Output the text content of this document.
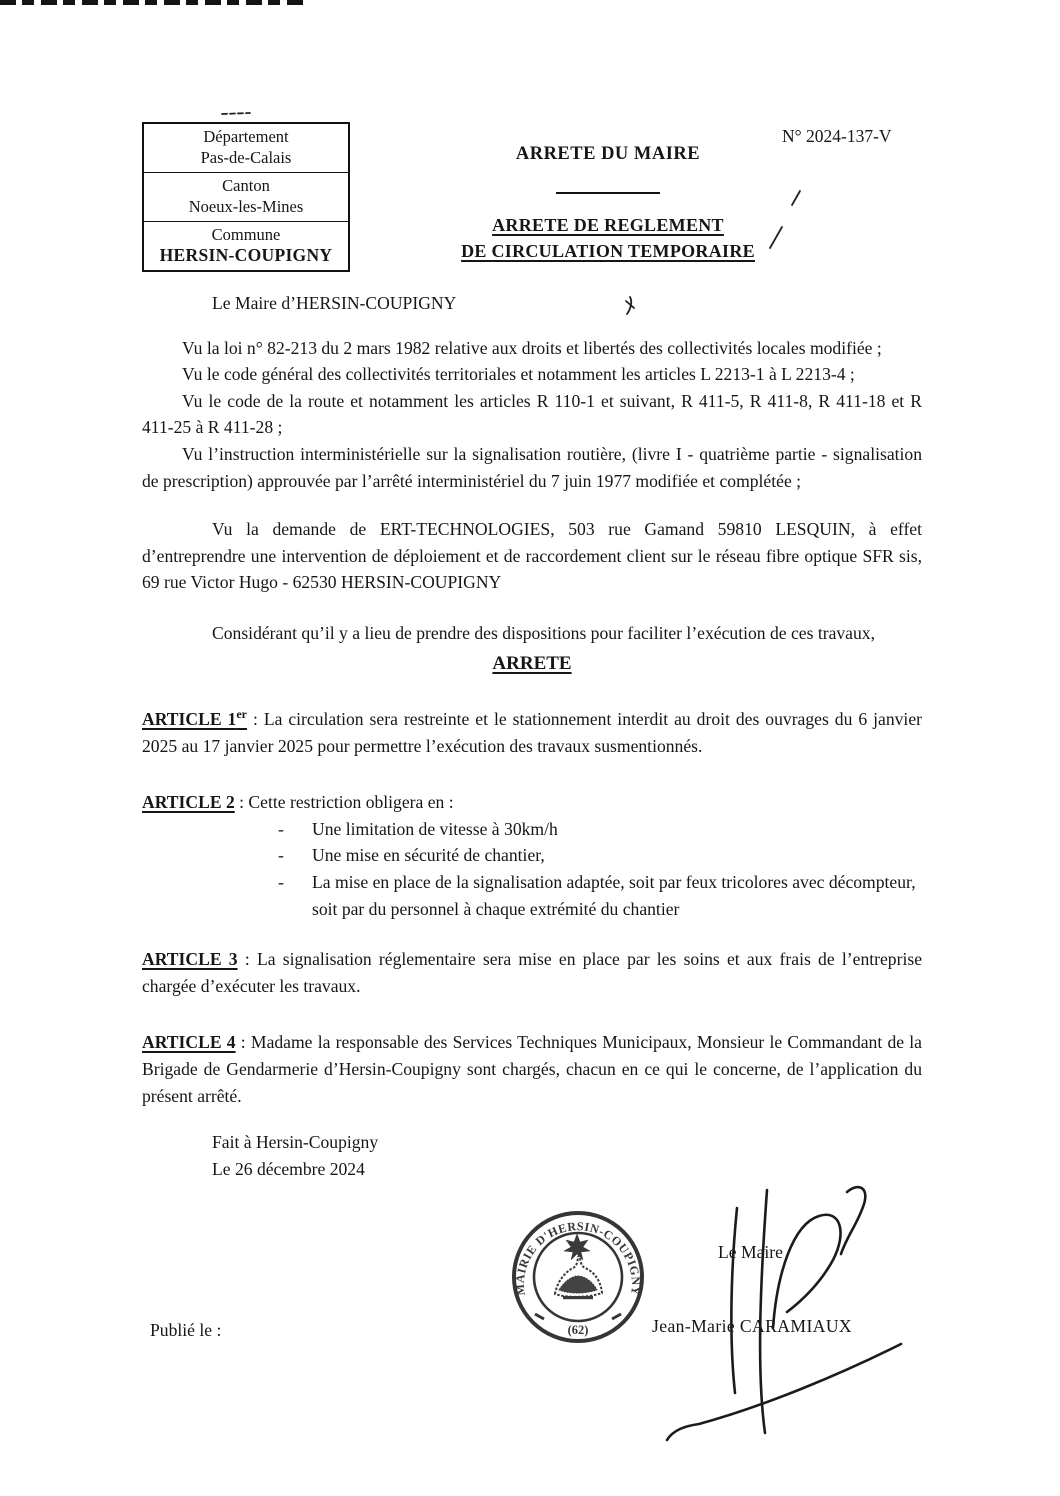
Département
Pas-de-Calais
Canton
Noeux-les-Mines
Commune
HERSIN-COUPIGNY
N° 2024-137-V
ARRETE DU MAIRE
ARRETE DE REGLEMENT
DE CIRCULATION TEMPORAIRE

Le Maire d’HERSIN-COUPIGNY

Vu la loi n° 82-213 du 2 mars 1982 relative aux droits et libertés des collectivités locales modifiée ;

Vu le code général des collectivités territoriales et notamment les articles L 2213-1 à L 2213-4 ;

Vu le code de la route et notamment les articles R 110-1 et suivant, R 411-5, R 411-8, R 411-18 et R 411-25 à R 411-28 ;

Vu l’instruction interministérielle sur la signalisation routière, (livre I - quatrième partie - signalisation de prescription) approuvée par l’arrêté interministériel du 7 juin 1977 modifiée et complétée ;

Vu la demande de ERT-TECHNOLOGIES, 503 rue Gamand 59810 LESQUIN, à effet d’entreprendre une intervention de déploiement et de raccordement client sur le réseau fibre optique SFR sis, 69 rue Victor Hugo - 62530 HERSIN-COUPIGNY

Considérant qu’il y a lieu de prendre des dispositions pour faciliter l’exécution de ces travaux,

ARRETE

ARTICLE 1er : La circulation sera restreinte et le stationnement interdit au droit des ouvrages du 6 janvier 2025 au 17 janvier 2025 pour permettre l’exécution des travaux susmentionnés.

ARTICLE 2 : Cette restriction obligera en :

-	Une limitation de vitesse à 30km/h
-	Une mise en sécurité de chantier,
-	La mise en place de la signalisation adaptée, soit par feux tricolores avec décompteur, soit par du personnel à chaque extrémité du chantier

ARTICLE 3 : La signalisation réglementaire sera mise en place par les soins et aux frais de l’entreprise chargée d’exécuter les travaux.

ARTICLE 4 : Madame la responsable des Services Techniques Municipaux, Monsieur le Commandant de la Brigade de Gendarmerie d’Hersin-Coupigny sont chargés, chacun en ce qui le concerne, de l’application du présent arrêté.

Fait à Hersin-Coupigny
Le 26 décembre 2024

MAIRIE D'HERSIN-COUPIGNY
(62)
Le Maire
Jean-Marie CARAMIAUX
Publié le :
